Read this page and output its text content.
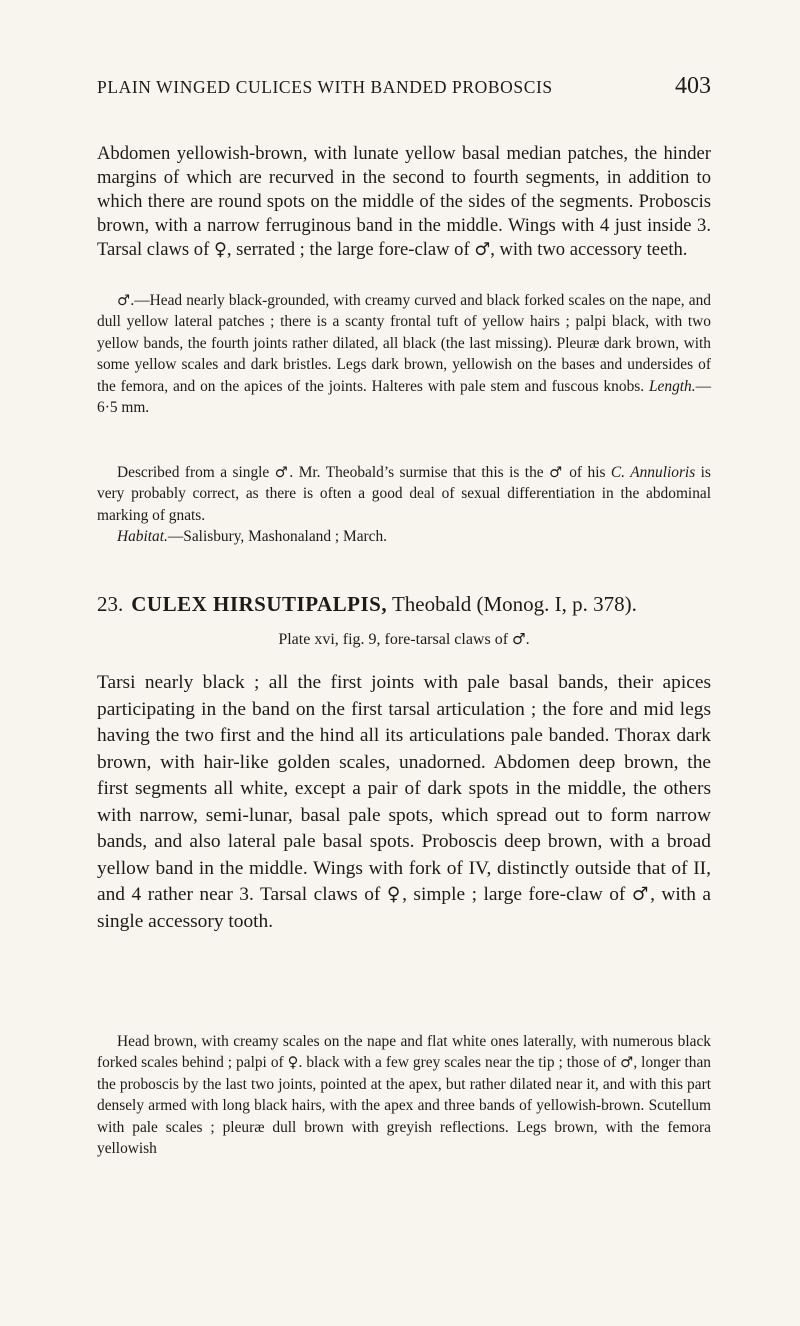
PLAIN WINGED CULICES WITH BANDED PROBOSCIS	403

Abdomen yellowish-brown, with lunate yellow basal median patches, the hinder margins of which are recurved in the second to fourth segments, in addition to which there are round spots on the middle of the sides of the segments. Proboscis brown, with a narrow ferruginous band in the middle. Wings with 4 just inside 3. Tarsal claws of ♀, serrated ; the large fore-claw of ♂, with two accessory teeth.

♂.—Head nearly black-grounded, with creamy curved and black forked scales on the nape, and dull yellow lateral patches ; there is a scanty frontal tuft of yellow hairs ; palpi black, with two yellow bands, the fourth joints rather dilated, all black (the last missing). Pleuræ dark brown, with some yellow scales and dark bristles. Legs dark brown, yellowish on the bases and undersides of the femora, and on the apices of the joints. Halteres with pale stem and fuscous knobs. Length.— 6·5 mm.

Described from a single ♂. Mr. Theobald’s surmise that this is the ♂ of his C. Annulioris is very probably correct, as there is often a good deal of sexual differentiation in the abdominal marking of gnats.

Habitat.—Salisbury, Mashonaland ; March.

23. CULEX HIRSUTIPALPIS, Theobald (Monog. I, p. 378).
Plate xvi, fig. 9, fore-tarsal claws of ♂.

Tarsi nearly black ; all the first joints with pale basal bands, their apices participating in the band on the first tarsal articulation ; the fore and mid legs having the two first and the hind all its articulations pale banded. Thorax dark brown, with hair-like golden scales, unadorned. Abdomen deep brown, the first segments all white, except a pair of dark spots in the middle, the others with narrow, semi-lunar, basal pale spots, which spread out to form narrow bands, and also lateral pale basal spots. Proboscis deep brown, with a broad yellow band in the middle. Wings with fork of IV, distinctly outside that of II, and 4 rather near 3. Tarsal claws of ♀, simple ; large fore-claw of ♂, with a single accessory tooth.

Head brown, with creamy scales on the nape and flat white ones laterally, with numerous black forked scales behind ; palpi of ♀. black with a few grey scales near the tip ; those of ♂, longer than the proboscis by the last two joints, pointed at the apex, but rather dilated near it, and with this part densely armed with long black hairs, with the apex and three bands of yellowish-brown. Scutellum with pale scales ; pleuræ dull brown with greyish reflections. Legs brown, with the femora yellowish
